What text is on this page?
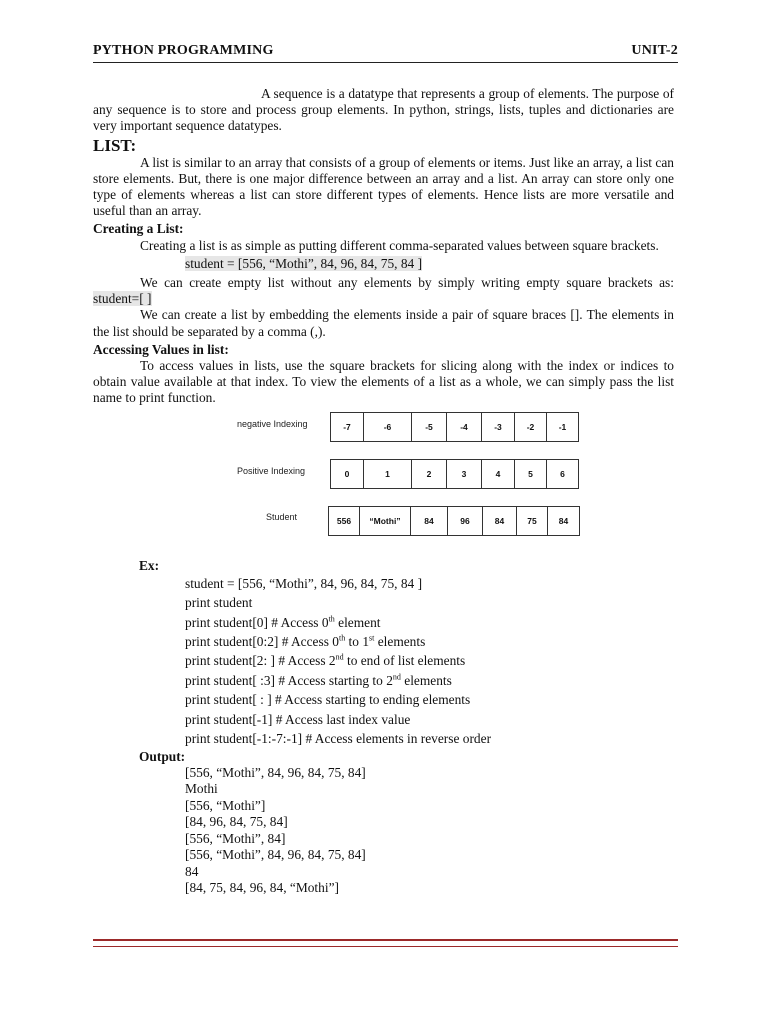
PYTHON PROGRAMMING	UNIT-2

A sequence is a datatype that represents a group of elements. The purpose of any sequence is to store and process group elements. In python, strings, lists, tuples and dictionaries are very important sequence datatypes.

LIST:

A list is similar to an array that consists of a group of elements or items. Just like an array, a list can store elements. But, there is one major difference between an array and a list. An array can store only one type of elements whereas a list can store different types of elements. Hence lists are more versatile and useful than an array.

Creating a List:

Creating a list is as simple as putting different comma-separated values between square brackets.

student = [556, “Mothi”, 84, 96, 84, 75, 84 ]

We can create empty list without any elements by simply writing empty square brackets as: student=[ ]

We can create a list by embedding the elements inside a pair of square braces []. The elements in the list should be separated by a comma (,).

Accessing Values in list:

To access values in lists, use the square brackets for slicing along with the index or indices to obtain value available at that index. To view the elements of a list as a whole, we can simply pass the list name to print function.

negative Indexing	-7	-6	-5	-4	-3	-2	-1
Positive Indexing	0	1	2	3	4	5	6
Student	556	“Mothi”	84	96	84	75	84
Ex:
student = [556, “Mothi”, 84, 96, 84, 75, 84 ]
print student
print student[0] # Access 0th element
print student[0:2] # Access 0th to 1st elements
print student[2: ] # Access 2nd to end of list elements
print student[ :3] # Access starting to 2nd elements
print student[ : ] # Access starting to ending elements
print student[-1] # Access last index value
print student[-1:-7:-1] # Access elements in reverse order
Output:
[556, “Mothi”, 84, 96, 84, 75, 84]
Mothi
[556, “Mothi”]
[84, 96, 84, 75, 84]
[556, “Mothi”, 84]
[556, “Mothi”, 84, 96, 84, 75, 84]
84
[84, 75, 84, 96, 84, “Mothi”]
